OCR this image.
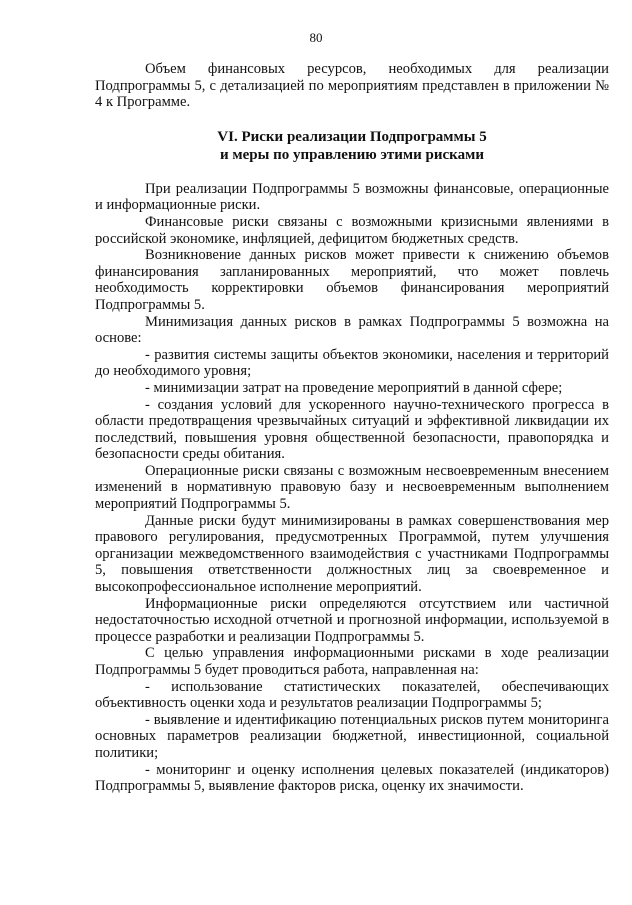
80

Объем финансовых ресурсов, необходимых для реализации Подпрограммы 5, с детализацией по мероприятиям представлен в приложении № 4 к Программе.

VI. Риски реализации Подпрограммы 5
и меры по управлению этими рисками

При реализации Подпрограммы 5 возможны финансовые, операционные и информационные риски.

Финансовые риски связаны с возможными кризисными явлениями в российской экономике, инфляцией, дефицитом бюджетных средств.

Возникновение данных рисков может привести к снижению объемов финансирования запланированных мероприятий, что может повлечь необходимость корректировки объемов финансирования мероприятий Подпрограммы 5.

Минимизация данных рисков в рамках Подпрограммы 5 возможна на основе:

- развития системы защиты объектов экономики, населения и территорий до необходимого уровня;

- минимизации затрат на проведение мероприятий в данной сфере;

- создания условий для ускоренного научно-технического прогресса в области предотвращения чрезвычайных ситуаций и эффективной ликвидации их последствий, повышения уровня общественной безопасности, правопорядка и безопасности среды обитания.

Операционные риски связаны с возможным несвоевременным внесением изменений в нормативную правовую базу и несвоевременным выполнением мероприятий Подпрограммы 5.

Данные риски будут минимизированы в рамках совершенствования мер правового регулирования, предусмотренных Программой, путем улучшения организации межведомственного взаимодействия с участниками Подпрограммы 5, повышения ответственности должностных лиц за своевременное и высокопрофессиональное исполнение мероприятий.

Информационные риски определяются отсутствием или частичной недостаточностью исходной отчетной и прогнозной информации, используемой в процессе разработки и реализации Подпрограммы 5.

С целью управления информационными рисками в ходе реализации Подпрограммы 5 будет проводиться работа, направленная на:

- использование статистических показателей, обеспечивающих объективность оценки хода и результатов реализации Подпрограммы 5;

- выявление и идентификацию потенциальных рисков путем мониторинга основных параметров реализации бюджетной, инвестиционной, социальной политики;

- мониторинг и оценку исполнения целевых показателей (индикаторов) Подпрограммы 5, выявление факторов риска, оценку их значимости.
